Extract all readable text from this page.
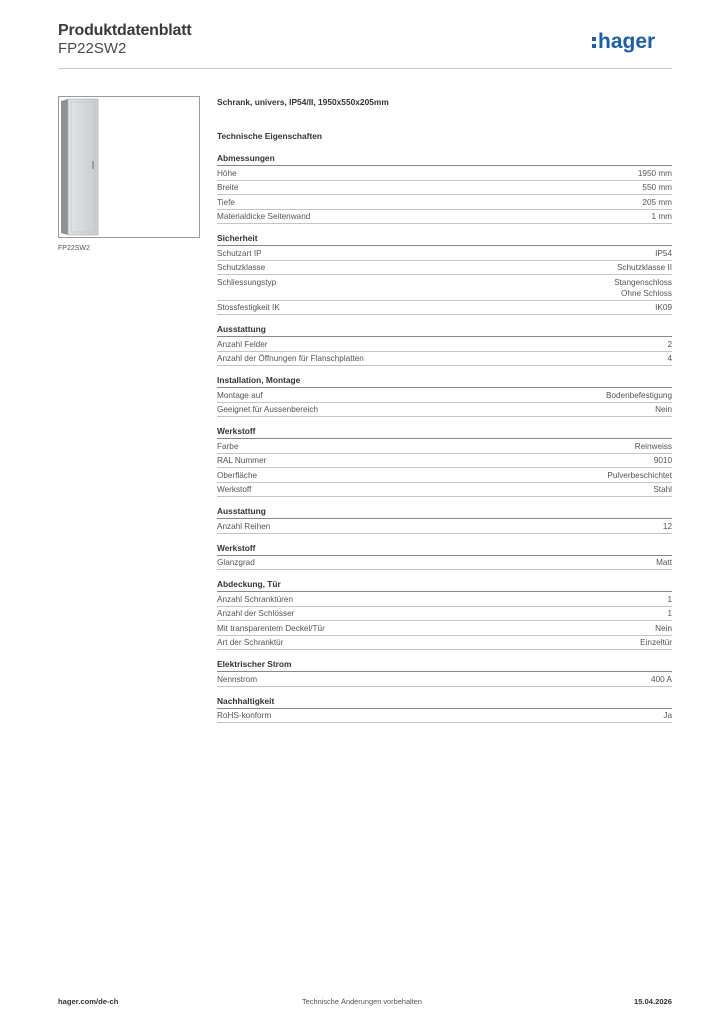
Produktdatenblatt
FP22SW2	hager
FP22SW2
Schrank, univers, IP54/II, 1950x550x205mm
Technische Eigenschaften
Abmessungen
Höhe	1950 mm
Breite	550 mm
Tiefe	205 mm
Materialdicke Seitenwand	1 mm
Sicherheit
Schutzart IP	IP54
Schutzklasse	Schutzklasse II
Schliessungstyp	Stangenschloss
Ohne Schloss
Stossfestigkeit IK	IK09
Ausstattung
Anzahl Felder	2
Anzahl der Öffnungen für Flanschplatten	4
Installation, Montage
Montage auf	Bodenbefestigung
Geeignet für Aussenbereich	Nein
Werkstoff
Farbe	Reinweiss
RAL Nummer	9010
Oberfläche	Pulverbeschichtet
Werkstoff	Stahl
Ausstattung
Anzahl Reihen	12
Werkstoff
Glanzgrad	Matt
Abdeckung, Tür
Anzahl Schranktüren	1
Anzahl der Schlösser	1
Mit transparentem Deckel/Tür	Nein
Art der Schranktür	Einzeltür
Elektrischer Strom
Nennstrom	400 A
Nachhaltigkeit
RoHS-konform	Ja
hager.com/de-ch	Technische Änderungen vorbehalten	15.04.2026
